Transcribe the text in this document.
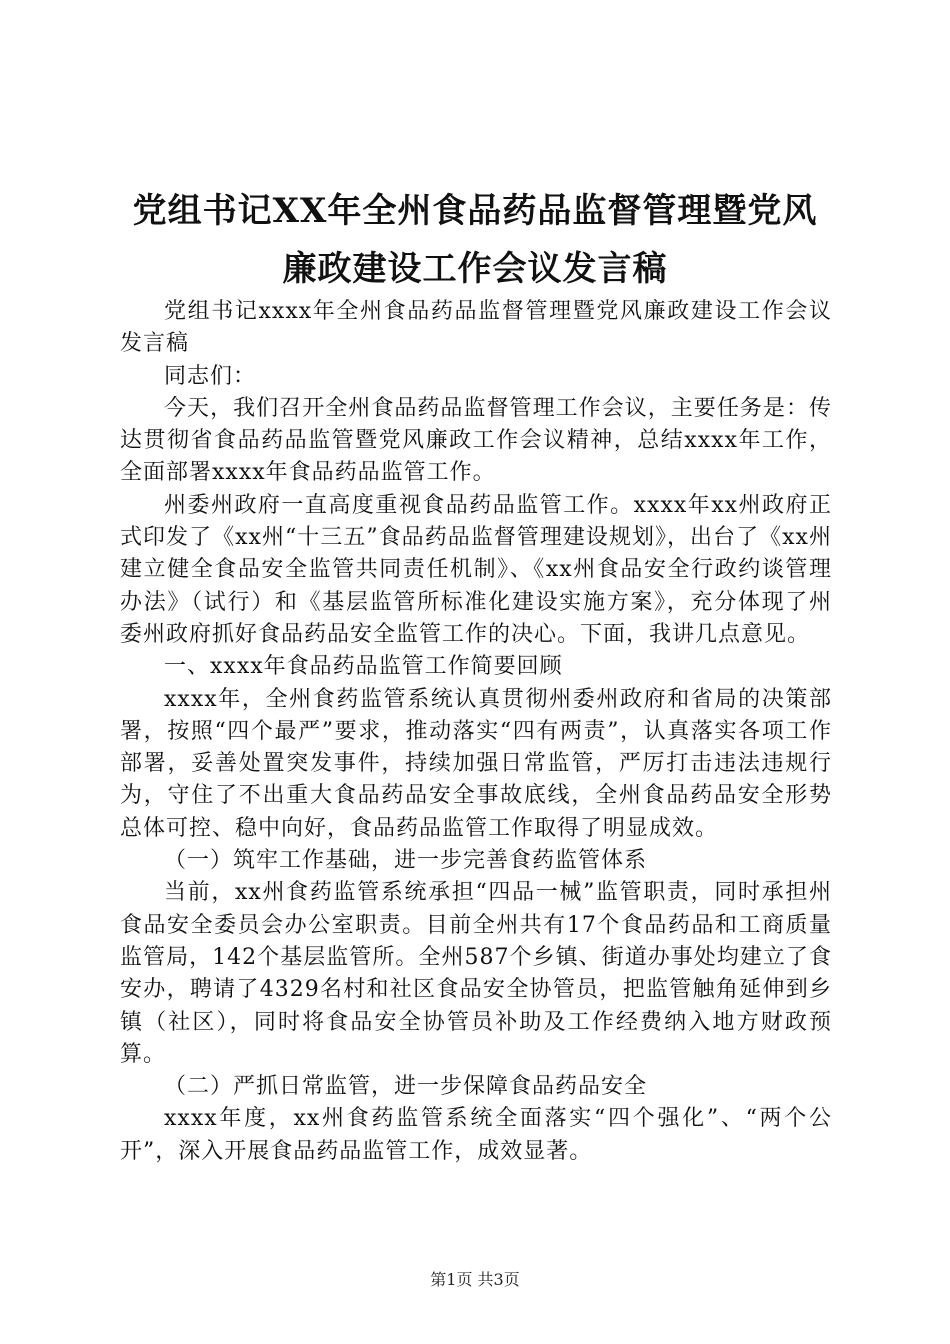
党组书记XX年全州食品药品监督管理暨党风廉政建设工作会议发言稿

党组书记xxxx年全州食品药品监督管理暨党风廉政建设工作会议发言稿

同志们：

今天，我们召开全州食品药品监督管理工作会议，主要任务是：传达贯彻省食品药品监管暨党风廉政工作会议精神，总结xxxx年工作，全面部署xxxx年食品药品监管工作。

州委州政府一直高度重视食品药品监管工作。xxxx年xx州政府正式印发了《xx州“十三五”食品药品监督管理建设规划》，出台了《xx州建立健全食品安全监管共同责任机制》、《xx州食品安全行政约谈管理办法》（试行）和《基层监管所标准化建设实施方案》，充分体现了州委州政府抓好食品药品安全监管工作的决心。下面，我讲几点意见。

一、xxxx年食品药品监管工作简要回顾

xxxx年，全州食药监管系统认真贯彻州委州政府和省局的决策部署，按照“四个最严”要求，推动落实“四有两责”，认真落实各项工作部署，妥善处置突发事件，持续加强日常监管，严厉打击违法违规行为，守住了不出重大食品药品安全事故底线，全州食品药品安全形势总体可控、稳中向好，食品药品监管工作取得了明显成效。

（一）筑牢工作基础，进一步完善食药监管体系

当前，xx州食药监管系统承担“四品一械”监管职责，同时承担州食品安全委员会办公室职责。目前全州共有17个食品药品和工商质量监管局，142个基层监管所。全州587个乡镇、街道办事处均建立了食安办，聘请了4329名村和社区食品安全协管员，把监管触角延伸到乡镇（社区），同时将食品安全协管员补助及工作经费纳入地方财政预算。

（二）严抓日常监管，进一步保障食品药品安全

xxxx年度，xx州食药监管系统全面落实“四个强化”、“两个公开”，深入开展食品药品监管工作，成效显著。

第1页 共3页
